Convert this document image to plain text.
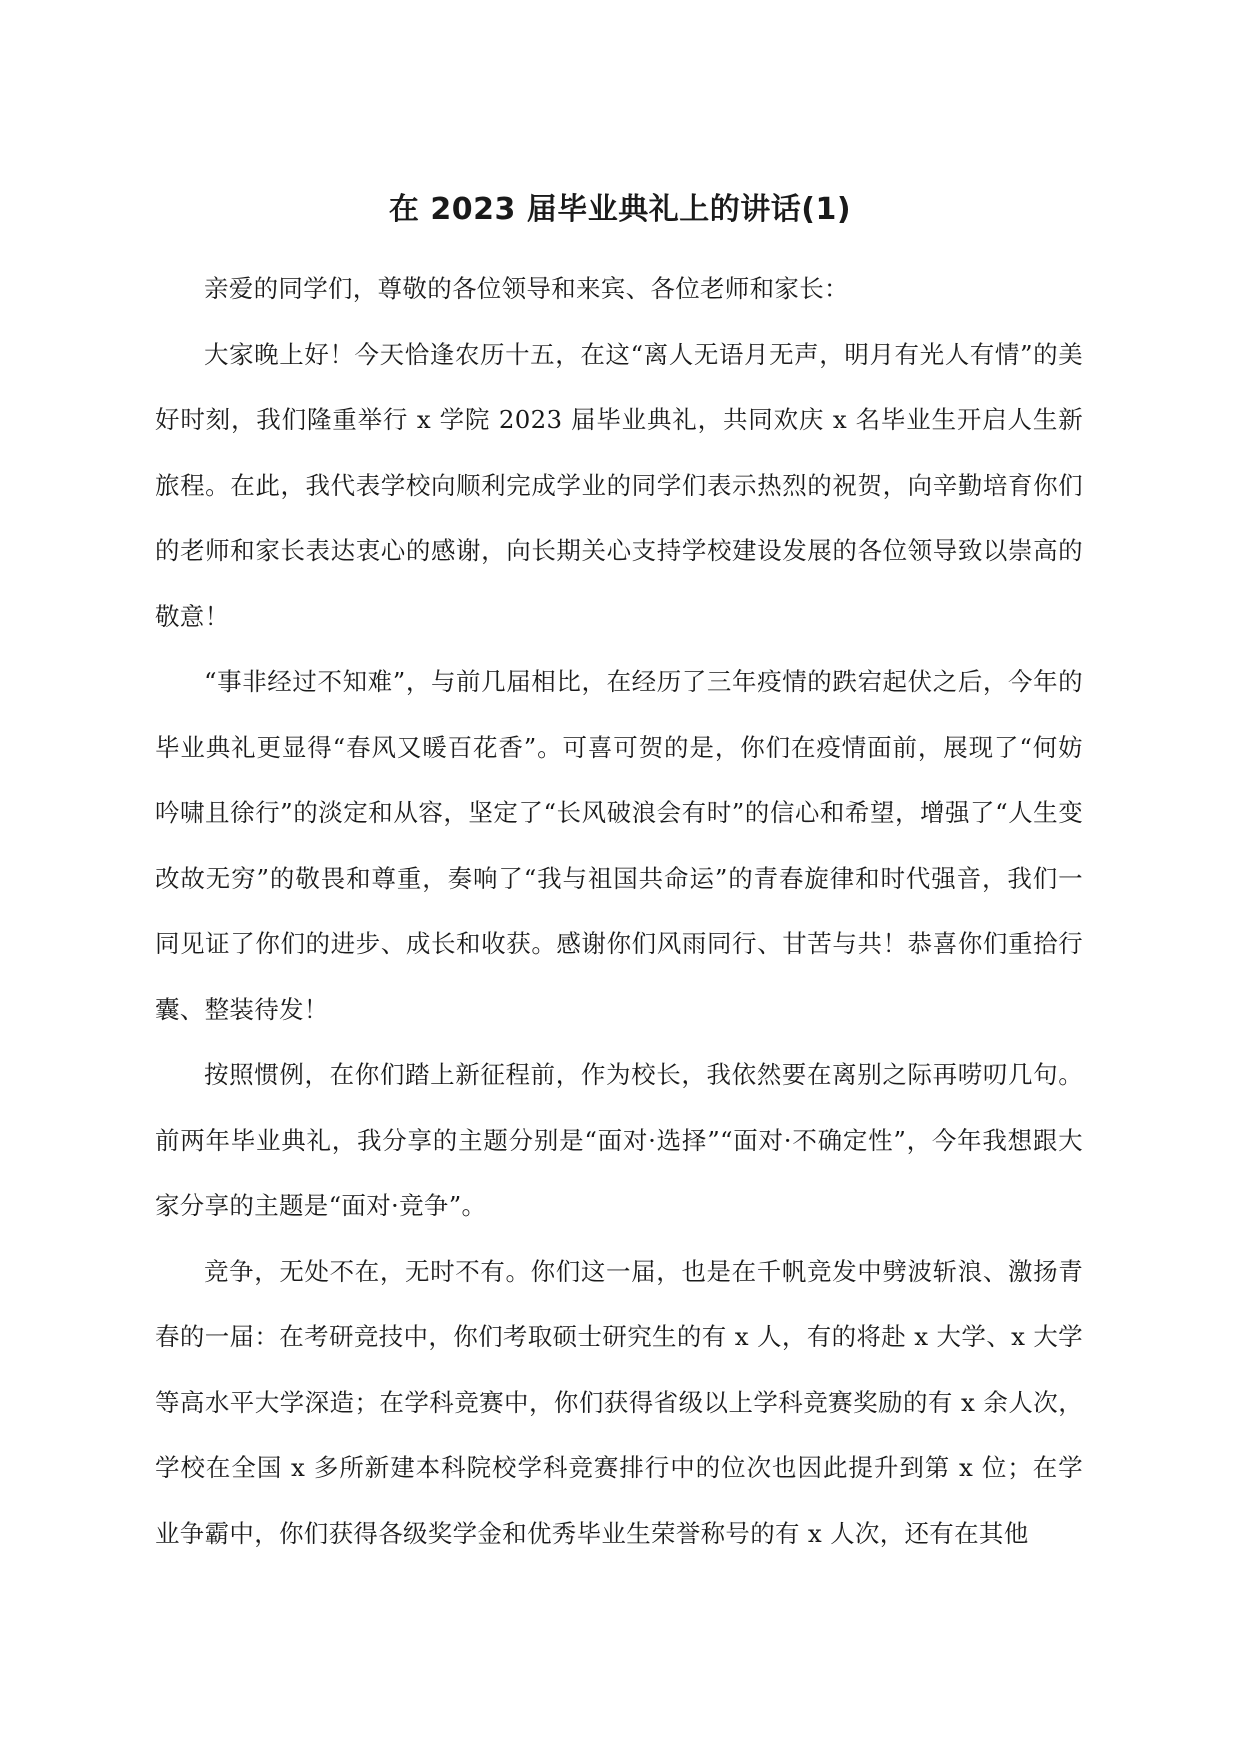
在 2023 届毕业典礼上的讲话(1)

亲爱的同学们，尊敬的各位领导和来宾、各位老师和家长：

大家晚上好！今天恰逢农历十五，在这“离人无语月无声，明月有光人有情”的美好时刻，我们隆重举行 x 学院 2023 届毕业典礼，共同欢庆 x 名毕业生开启人生新旅程。在此，我代表学校向顺利完成学业的同学们表示热烈的祝贺，向辛勤培育你们的老师和家长表达衷心的感谢，向长期关心支持学校建设发展的各位领导致以崇高的敬意！

“事非经过不知难”，与前几届相比，在经历了三年疫情的跌宕起伏之后，今年的毕业典礼更显得“春风又暖百花香”。可喜可贺的是，你们在疫情面前，展现了“何妨吟啸且徐行”的淡定和从容，坚定了“长风破浪会有时”的信心和希望，增强了“人生变改故无穷”的敬畏和尊重，奏响了“我与祖国共命运”的青春旋律和时代强音，我们一同见证了你们的进步、成长和收获。感谢你们风雨同行、甘苦与共！恭喜你们重拾行囊、整装待发！

按照惯例，在你们踏上新征程前，作为校长，我依然要在离别之际再唠叨几句。前两年毕业典礼，我分享的主题分别是“面对·选择”“面对·不确定性”，今年我想跟大家分享的主题是“面对·竞争”。

竞争，无处不在，无时不有。你们这一届，也是在千帆竞发中劈波斩浪、激扬青春的一届：在考研竞技中，你们考取硕士研究生的有 x 人，有的将赴 x 大学、x 大学等高水平大学深造；在学科竞赛中，你们获得省级以上学科竞赛奖励的有 x 余人次，学校在全国 x 多所新建本科院校学科竞赛排行中的位次也因此提升到第 x 位；在学业争霸中，你们获得各级奖学金和优秀毕业生荣誉称号的有 x 人次，还有在其他
